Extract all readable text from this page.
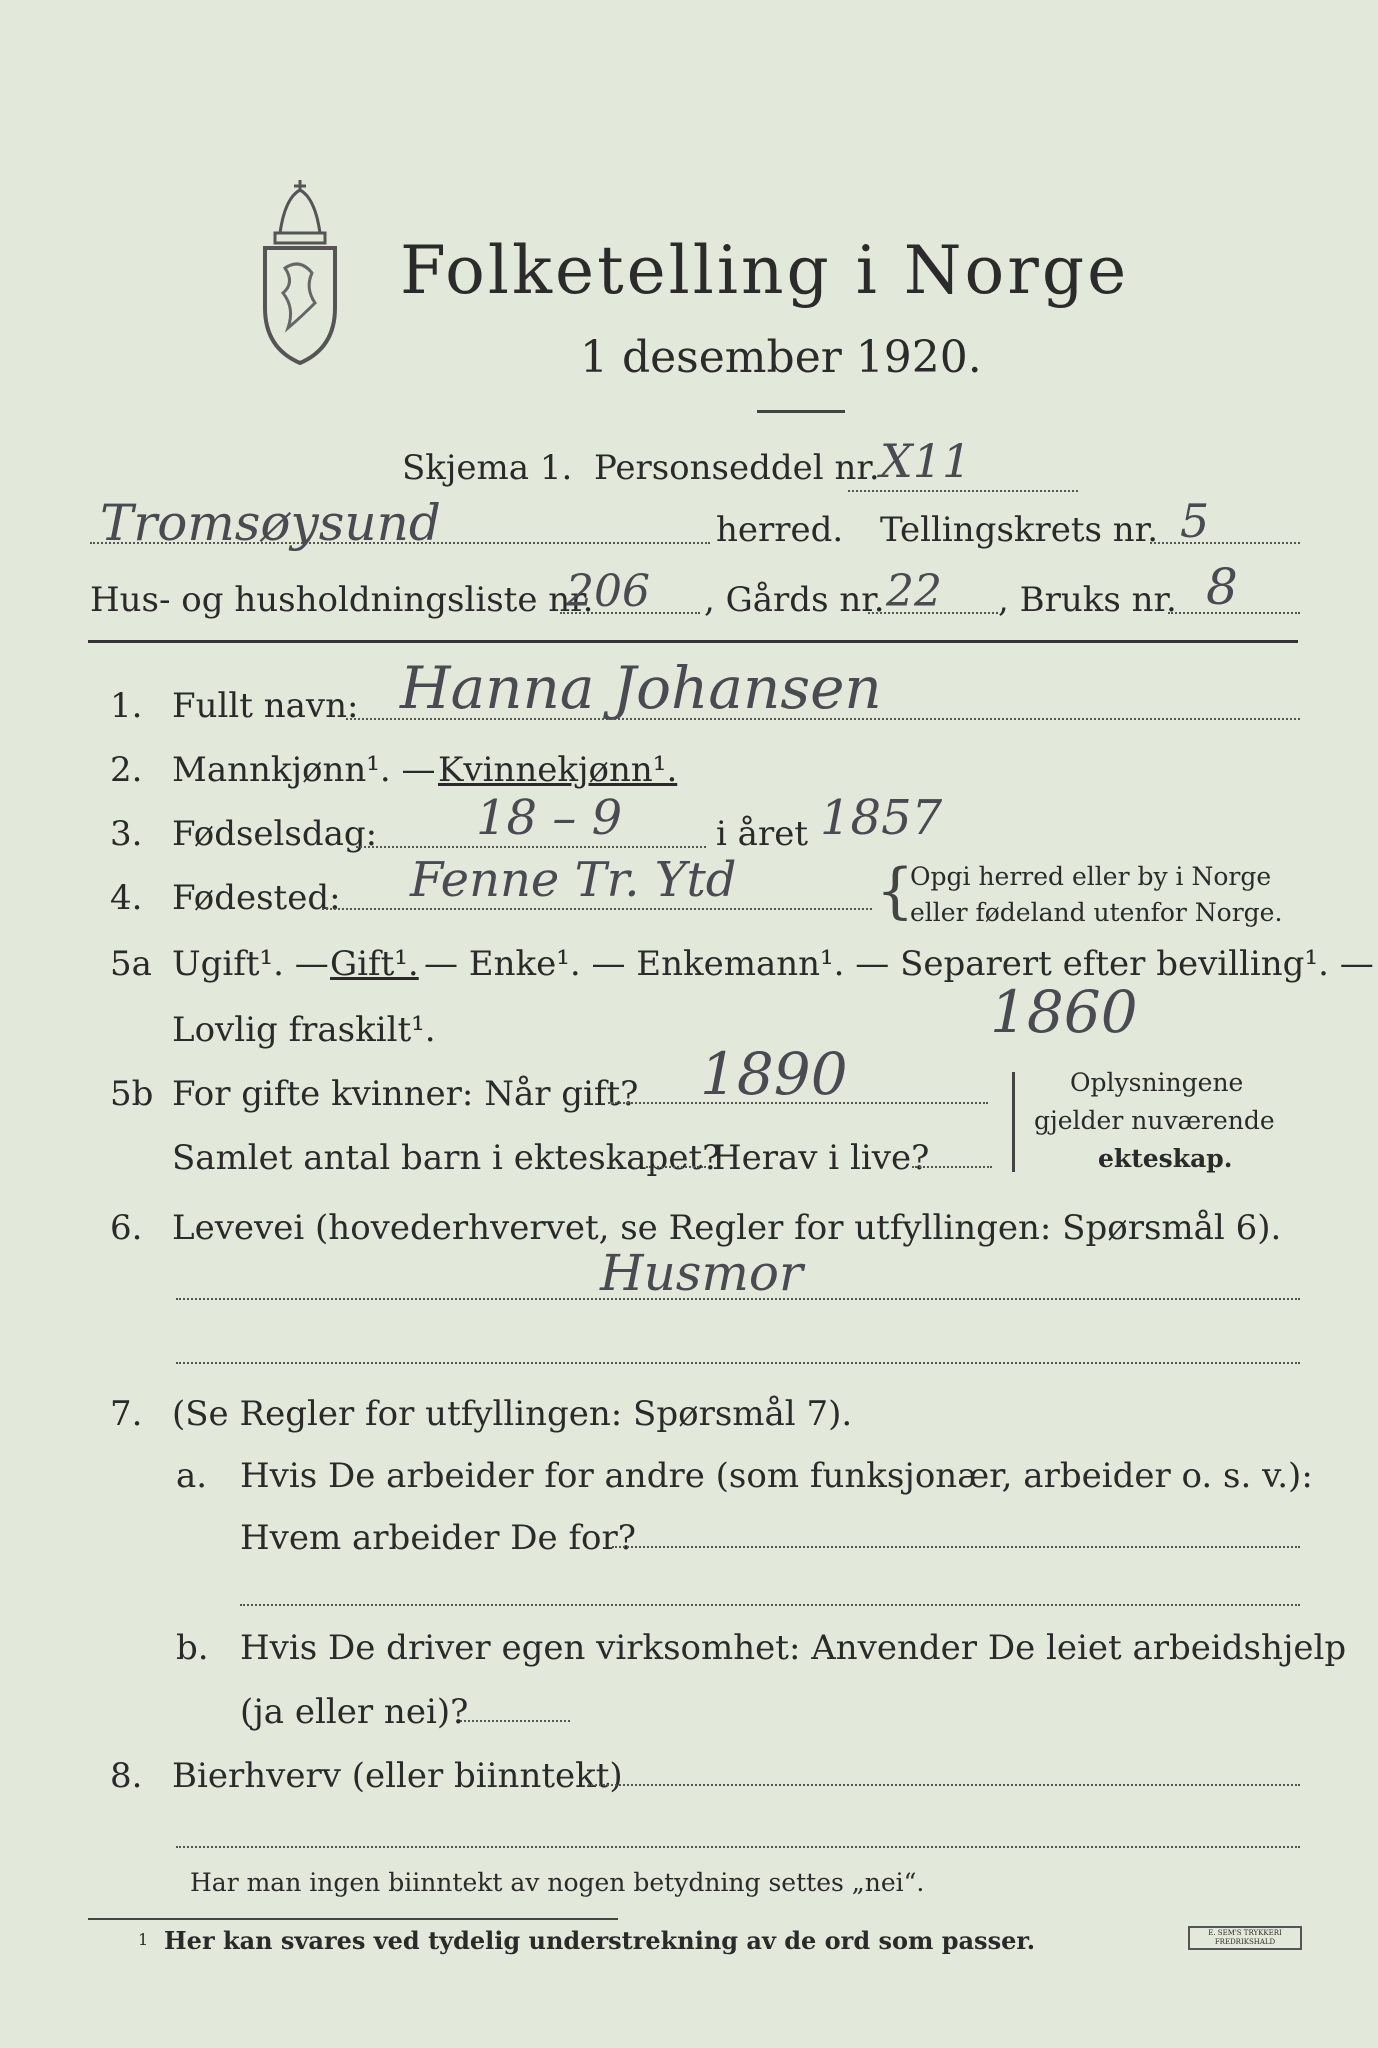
Folketelling i Norge
1 desember 1920.
Skjema 1. Personseddel nr. X11
Tromsøysund	herred. Tellingskrets nr. 5
Hus- og husholdningsliste nr.
206 , Gårds nr. 22 , Bruks nr. 8
1. Fullt navn: Hanna Johansen
2. Mannkjønn¹. — Kvinnekjønn¹.
3. Fødselsdag: 18 – 9	i året 1857
4. Fødested: Fenne Tr. Ytd {
Opgi herred eller by i Norge
eller fødeland utenfor Norge.
5a Ugift¹. — Gift¹. — Enke¹. — Enkemann¹. — Separert efter bevilling¹. —
Lovlig fraskilt¹.	1860
5b For gifte kvinner: Når gift? 1890
Samlet antal barn i ekteskapet?
Herav i live?
Oplysningene
gjelder nuværende
ekteskap.
6. Levevei (hovederhvervet, se Regler for utfyllingen: Spørsmål 6).
Husmor
7. (Se Regler for utfyllingen: Spørsmål 7).
a. Hvis De arbeider for andre (som funksjonær, arbeider o. s. v.):
Hvem arbeider De for?
b. Hvis De driver egen virksomhet: Anvender De leiet arbeidshjelp
(ja eller nei)?
8. Bierhverv (eller biinntekt)
Har man ingen biinntekt av nogen betydning settes „nei“.
1 Her kan svares ved tydelig understrekning av de ord som passer.	E. SEM'S TRYKKERI FREDRIKSHALD
